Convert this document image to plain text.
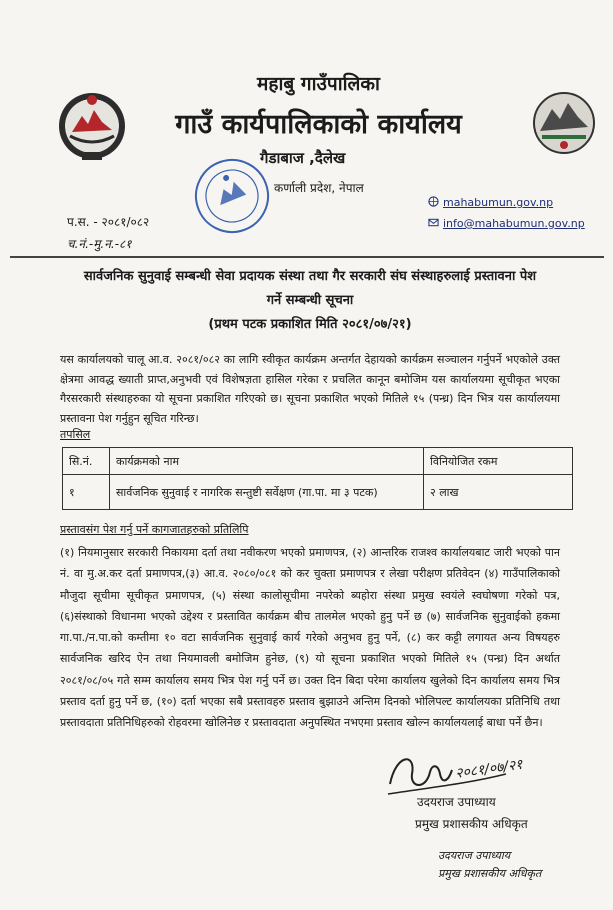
महाबु गाउँपालिका
गाउँ कार्यपालिकाको कार्यालय
गैडाबाज ,दैलेख
कर्णाली प्रदेश, नेपाल
mahabumun.gov.np
info@mahabumun.gov.np
प.स. - २०८१/०८२
च.नं.-मु.न.-८१
सार्वजनिक सुनुवाई सम्बन्धी सेवा प्रदायक संस्था तथा गैर सरकारी संघ संस्थाहरुलाई प्रस्तावना पेश
गर्ने सम्बन्धी सूचना
(प्रथम पटक प्रकाशित मिति २०८१/०७/२१)
यस कार्यालयको चालू आ.व. २०८१/०८२ का लागि स्वीकृत कार्यक्रम अन्तर्गत देहायको कार्यक्रम सञ्चालन गर्नुपर्ने भएकोले उक्त क्षेत्रमा आवद्ध ख्याती प्राप्त,अनुभवी एवं विशेषज्ञता हासिल गरेका र प्रचलित कानून बमोजिम यस कार्यालयमा सूचीकृत भएका गैरसरकारी संस्थाहरुका यो सूचना प्रकाशित गरिएको छ। सूचना प्रकाशित भएको मितिले १५ (पन्ध्र) दिन भित्र यस कार्यालयमा प्रस्तावना पेश गर्नुहुन सूचित गरिन्छ।
तपसिल
सि.नं.	कार्यक्रमको नाम	विनियोजित रकम
१	सार्वजनिक सुनुवाई र नागरिक सन्तुष्टी सर्वेक्षण (गा.पा. मा ३ पटक)	२ लाख
प्रस्तावसंग पेश गर्नु पर्ने कागजातहरुको प्रतिलिपि
(१) नियमानुसार सरकारी निकायमा दर्ता तथा नवीकरण भएको प्रमाणपत्र, (२) आन्तरिक राजश्व कार्यालयबाट जारी भएको पान नं. वा मु.अ.कर दर्ता प्रमाणपत्र,(३) आ.व. २०८०/०८१ को कर चुक्ता प्रमाणपत्र र लेखा परीक्षण प्रतिवेदन (४) गाउँपालिकाको मौजुदा सूचीमा सूचीकृत प्रमाणपत्र, (५) संस्था कालोसूचीमा नपरेको ब्यहोरा संस्था प्रमुख स्वयंले स्वघोषणा गरेको पत्र, (६)संस्थाको विधानमा भएको उद्देश्य र प्रस्तावित कार्यक्रम बीच तालमेल भएको हुनु पर्ने छ (७) सार्वजनिक सुनुवाईको हकमा गा.पा./न.पा.को कम्तीमा १० वटा सार्वजनिक सुनुवाई कार्य गरेको अनुभव हुनु पर्ने, (८) कर कट्टी लगायत अन्य विषयहरु सार्वजनिक खरिद ऐन तथा नियमावली बमोजिम हुनेछ, (९) यो सूचना प्रकाशित भएको मितिले १५ (पन्ध्र) दिन अर्थात २०८१/०८/०५ गते सम्म कार्यालय समय भित्र पेश गर्नु पर्ने छ। उक्त दिन बिदा परेमा कार्यालय खुलेको दिन कार्यालय समय भित्र प्रस्ताव दर्ता हुनु पर्ने छ, (१०) दर्ता भएका सबै प्रस्तावहरु प्रस्ताव बुझाउने अन्तिम दिनको भोलिपल्ट कार्यालयका प्रतिनिधि तथा प्रस्तावदाता प्रतिनिधिहरुको रोहवरमा खोलिनेछ र प्रस्तावदाता अनुपस्थित नभएमा प्रस्ताव खोल्न कार्यालयलाई बाधा पर्ने छैन।
२०८१/०७/२१
उदयराज उपाध्याय
प्रमुख प्रशासकीय अधिकृत
उदयराज उपाध्याय
प्रमुख प्रशासकीय अधिकृत
